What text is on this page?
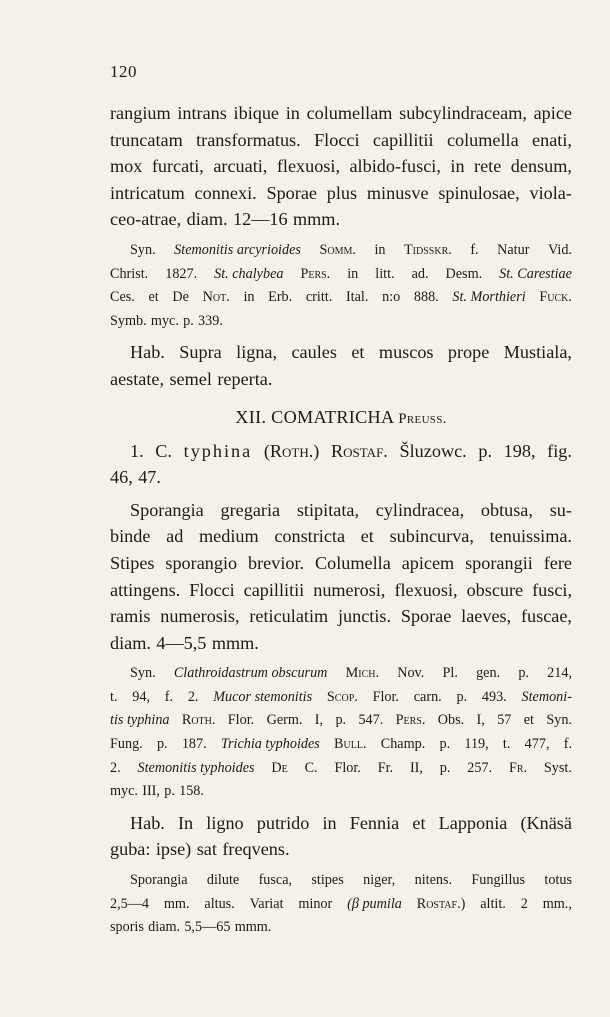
120
rangium intrans ibique in columellam subcylindraceam, apice
truncatam transformatus. Flocci capillitii columella enati,
mox furcati, arcuati, flexuosi, albido-fusci, in rete densum,
intricatum connexi. Sporae plus minusve spinulosae, viola-
ceo-atrae, diam. 12—16 mmm.
Syn. Stemonitis arcyrioides Somm. in Tidsskr. f. Natur Vid.
Christ. 1827. St. chalybea Pers. in litt. ad. Desm. St. Carestiae
Ces. et De Not. in Erb. critt. Ital. n:o 888. St. Morthieri Fuck.
Symb. myc. p. 339.
Hab. Supra ligna, caules et muscos prope Mustiala,
aestate, semel reperta.
XII. COMATRICHA Preuss.
1. C. typhina (Roth.) Rostaf. Šluzowc. p. 198, fig.
46, 47.
Sporangia gregaria stipitata, cylindracea, obtusa, su-
binde ad medium constricta et subincurva, tenuissima.
Stipes sporangio brevior. Columella apicem sporangii fere
attingens. Flocci capillitii numerosi, flexuosi, obscure fusci,
ramis numerosis, reticulatim junctis. Sporae laeves, fuscae,
diam. 4—5,5 mmm.
Syn. Clathroidastrum obscurum Mich. Nov. Pl. gen. p. 214,
t. 94, f. 2. Mucor stemonitis Scop. Flor. carn. p. 493. Stemoni-
tis typhina Roth. Flor. Germ. I, p. 547. Pers. Obs. I, 57 et Syn.
Fung. p. 187. Trichia typhoides Bull. Champ. p. 119, t. 477, f.
2. Stemonitis typhoides De C. Flor. Fr. II, p. 257. Fr. Syst.
myc. III, p. 158.
Hab. In ligno putrido in Fennia et Lapponia (Knäsä
guba: ipse) sat freqvens.
Sporangia dilute fusca, stipes niger, nitens. Fungillus totus
2,5—4 mm. altus. Variat minor (β pumila Rostaf.) altit. 2 mm.,
sporis diam. 5,5—65 mmm.
